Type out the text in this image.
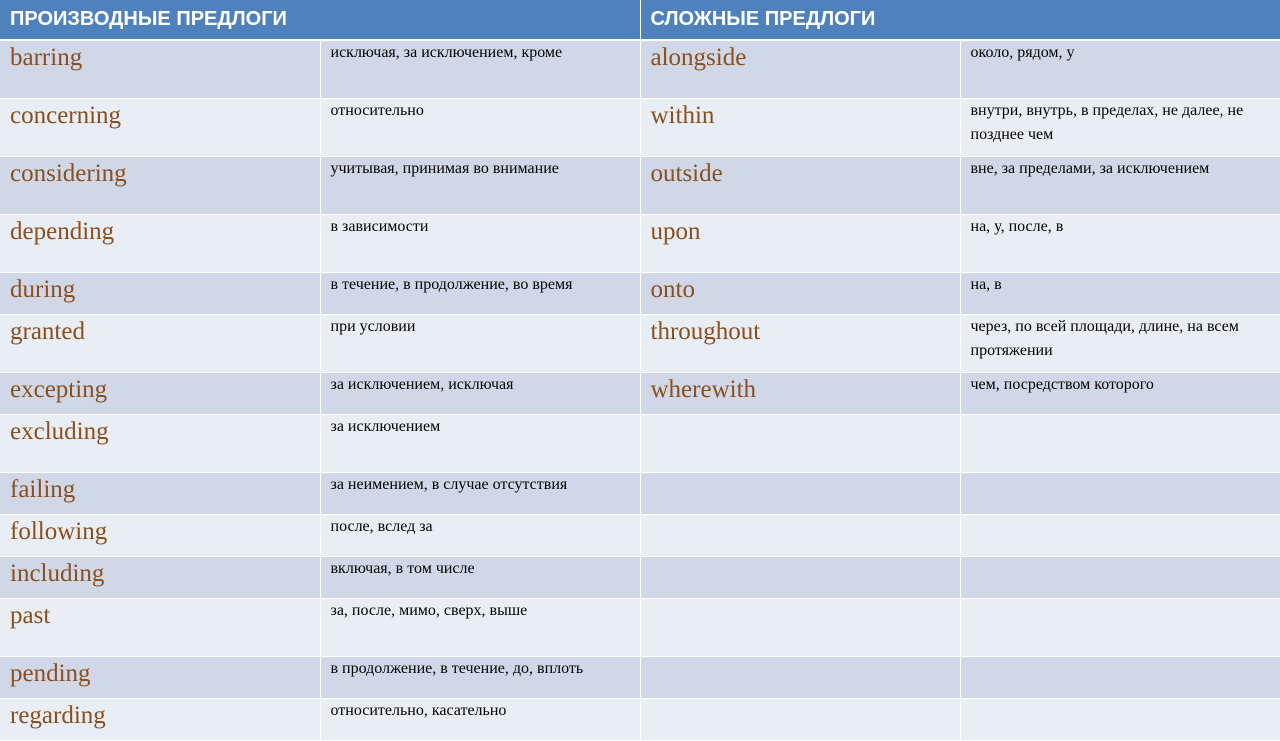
ПРОИЗВОДНЫЕ ПРЕДЛОГИ		СЛОЖНЫЕ ПРЕДЛОГИ	
barring	исключая, за исключением, кроме	alongside	около, рядом, у
concerning	относительно	within	внутри, внутрь, в пределах, не далее, не позднее чем
considering	учитывая, принимая во внимание	outside	вне, за пределами, за исключением
depending	в зависимости	upon	на, у, после, в
during	в течение, в продолжение, во время	onto	на, в
granted	при условии	throughout	через, по всей площади, длине, на всем протяжении
excepting	за исключением, исключая	wherewith	чем, посредством которого
excluding	за исключением		
failing	за неимением, в случае отсутствия		
following	после, вслед за		
including	включая, в том числе		
past	за, после, мимо, сверх, выше		
pending	в продолжение, в течение, до, вплоть		
regarding	относительно, касательно		
